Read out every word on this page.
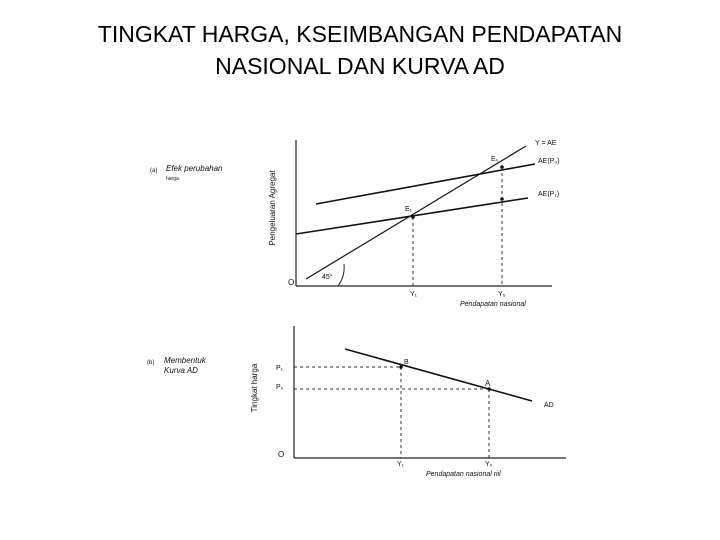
TINGKAT HARGA, KSEIMBANGAN PENDAPATAN
NASIONAL DAN KURVA AD
(a) Efek perubahan
harga	Pengeluaran Agregat
45°
Y = AE
E₀	AE(P₀)
AE(P₁)
E₁
O
Y₁	Y₀
Pendapatan nasional
(b) Membentuk
Kurva AD	Tingkat harga P₁
P₀
B
A
AD
O
Y₁	Y₀
Pendapatan nasional riil
